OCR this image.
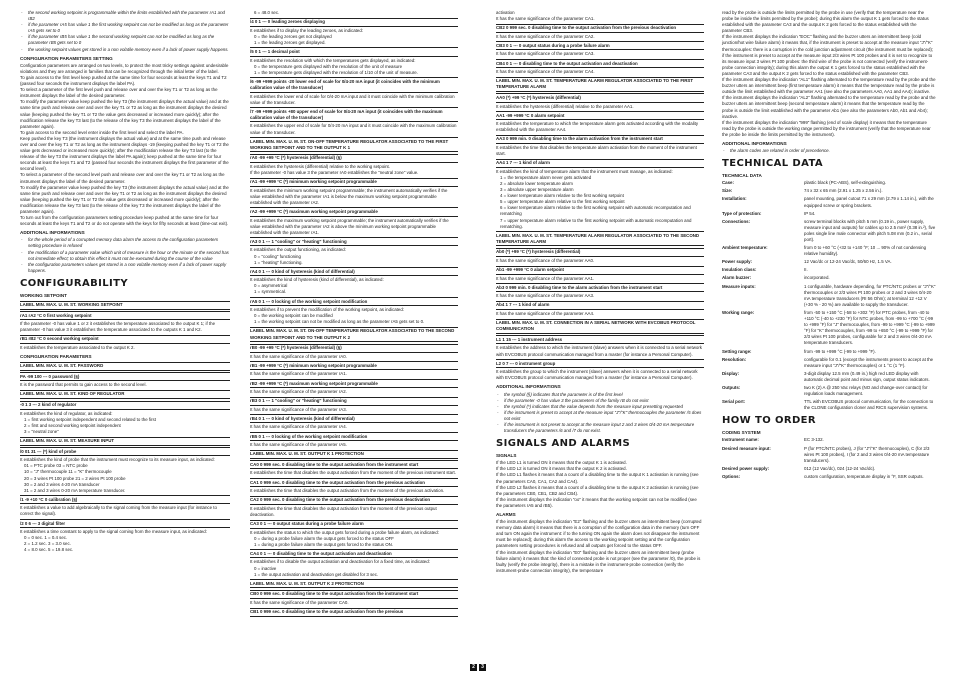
- the second working setpoint is programmable within the limits established with the parameter rA1 and rB2
- if the parameter rA5 has value 1 the first working setpoint can not be modified as long as the parameter rA5 gets set to 0
- if the parameter rB5 has value 1 the second working setpoint can not be modified as long as the parameter rB5 gets set to 0
- the working setpoint values get stored in a non volatile memory even if a lack of power supply happens.
CONFIGURATION PARAMETERS SETTING
Configuration parameters are arranged on two levels, to protect the most tricky settings against undesirable violations and they are arranged in families that can be recognized through the initial letter of the label.
To gain access to the first level keep pushed at the same time for four seconds at least the keys T1 and T2 (passed four seconds the instrument displays the label PA).
To select a parameter of the first level push and release over and over the key T1 or T2 as long as the instrument displays the label of the desired parameter.
To modify the parameter value keep pushed the key T3 (the instrument displays the actual value) and at the same time push and release over and over the key T1 or T2 as long as the instrument displays the desired value (keeping pushed the key T1 or T2 the value gets decreased or increased more quickly); after the modification release the key T3 last (to the release of the key T3 the instrument displays the label of the parameter again).
To gain access to the second level enter inside the first level and select the label PA.
Keep pushed the key T3 (the instrument displays the actual value) and at the same time push and release over and over the key T1 or T2 as long as the instrument displays -19 (keeping pushed the key T1 or T2 the value gets decreased or increased more quickly); after the modification release the key T3 last (to the release of the key T3 the instrument displays the label PA again); keep pushed at the same time for four seconds at least the keys T1 and T2 (passed four seconds the instrument displays the first parameter of the second level).
To select a parameter of the second level push and release over and over the key T1 or T2 as long as the instrument displays the label of the desired parameter.
To modify the parameter value keep pushed the key T3 (the instrument displays the actual value) and at the same time push and release over and over the key T1 or T2 as long as the instrument displays the desired value (keeping pushed the key T1 or T2 the value gets decreased or increased more quickly); after the modification release the key T3 last (to the release of the key T3 the instrument displays the label of the parameter again).
To turn out from the configuration parameters setting procedure keep pushed at the same time for four seconds at least the keys T1 and T2 or do not operate with the keys for fifty seconds at least (time-out exit).
ADDITIONAL INFORMATIONS
- for the whole period of a corrupted memory data alarm the access to the configuration parameters setting procedure is refused
- the modification of a parameter value which unit of measure is the hour or the minute or the second has not immediate effect; to obtain this effect it must not be executed during the course of the value
- the configuration parameters values get stored in a non volatile memory even if a lack of power supply happens.
CONFIGURABILITY
WORKING SETPOINT
LABEL MIN. MAX. U. M. ST. WORKING SETPOINT
rA1 rA2 °C 0 first working setpoint
If the parameter -0 has value 1 or 2 it establishes the temperature associated to the output K 1; if the parameter -0 has value 3 it establishes the temperature associated to the outputs K 1 and K2.
rB1 rB2 °C 0 second working setpoint
It establishes the temperature associated to the output K 2.
CONFIGURATION PARAMETERS
LABEL MIN. MAX. U. M. ST. PASSWORD
PA -99 100 --- 0 password (§)
It is the password that permits to gain access to the second level.
LABEL MIN. MAX. U. M. ST. KIND OF REGULATOR
-0 1 3 --- 2 kind of regulator
It establishes the kind of regulator, as indicated:
1 = first working setpoint independent and second related to the first
2 = first and second working setpoint independent
3 = "neutral zone"
LABEL MIN. MAX. U. M. ST. MEASURE INPUT
/0 01 31 --- (*) kind of probe
It establishes the kind of probe that the instrument must recognize to its measure input, as indicated:
01 = PTC probe 03 = NTC probe
10 = "J" thermocouple 11 = "K" thermocouple
20 = 3 wires Pt 100 probe 21 = 2 wires Pt 100 probe
30 = 2 and 3 wires 4-20 mA transducer
31 = 2 and 3 wires 0-20 mA temperature transducer.
/1 -9 +10 °C 0 calibration (§)
It establishes a value to add algebraically to the signal coming from the measure input (for instance to correct the signal).
/2 0 6 --- 3 digital filter
It establishes a time constant to apply to the signal coming from the measure input, as indicated:
0 = 0 sec. 1 = 0.4 sec.
2 = 1.2 sec. 3 = 3.0 sec.
4 = 8.0 sec. 5 = 19.8 sec.
6 = 48.0 sec.
/4 0 1 --- 0 leading zeroes displaying
It establishes if to display the leading zeroes, as indicated:
0 = the leading zeroes get not displayed
1 = the leading zeroes get displayed.
/5 0 1 --- 1 decimal point
It establishes the resolution with which the temperatures gets displayed, as indicated:
0 = the temperature gets displayed with the resolution of the unit of measure
1 = the temperature gets displayed with the resolution of 1/10 of the unit of measure.
/6 -99 +999 points -20 lower end of scale for 0/4-20 mA input (it coincides with the minimum calibration value of the transducer)
It establishes the lower end of scale for 0/4-20 mA input and it must coincide with the minimum calibration value of the transducer.
/7 -99 +999 points +80 upper end of scale for 0/4-20 mA input (it coincides with the maximum calibration value of the transducer)
It establishes the upper end of scale for 0/4-20 mA input and it must coincide with the maximum calibration value of the transducer.
LABEL MIN. MAX. U. M. ST. ON-OFF TEMPERATURE REGULATOR ASSOCIATED TO THE FIRST WORKING SETPOINT AND TO THE OUTPUT K 1
rA0 -99 +99 °C (*) hysteresis (differential) (§)
It establishes the hysteresis (differential) relative to the working setpoint.
If the parameter -0 has value 3 the parameter rA0 establishes the "neutral zone" value.
rA1 -99 +999 °C (*) minimum working setpoint programmable
It establishes the minimum working setpoint programmable; the instrument automatically verifies if the value established with the parameter rA1 is below the maximum working setpoint programmable established with the parameter rA2.
rA2 -99 +999 °C (*) maximum working setpoint programmable
It establishes the maximum working setpoint programmable; the instrument automatically verifies if the value established with the parameter rA2 is above the minimum working setpoint programmable established with the parameter rA1.
rA3 0 1 --- 1 "cooling" or "heating" functioning
It establishes the output functioning, as indicated:
0 = "cooling" functioning
1 = "heating" functioning.
rA4 0 1 --- 0 kind of hysteresis (kind of differential)
It establishes the kind of hysteresis (kind of differential), as indicated:
0 = asymmetrical
1 = symmetrical.
rA5 0 1 --- 0 locking of the working setpoint modification
It establishes if to prevent the modification of the working setpoint, as indicated:
0 = the working setpoint can be modified
1 = the working setpoint can not be modified as long as the parameter rA5 gets set to 0.
LABEL MIN. MAX. U. M. ST. ON-OFF TEMPERATURE REGULATOR ASSOCIATED TO THE SECOND WORKING SETPOINT AND TO THE OUTPUT K 2
rB0 -99 +99 °C (*) hysteresis (differential) (§)
It has the same significance of the parameter rA0.
rB1 -99 +999 °C (*) minimum working setpoint programmable
It has the same significance of the parameter rA1.
rB2 -99 +999 °C (*) maximum working setpoint programmable
It has the same significance of the parameter rA2.
rB3 0 1 --- 1 "cooling" or "heating" functioning
It has the same significance of the parameter rA3.
rB4 0 1 --- 0 kind of hysteresis (kind of differential)
It has the same significance of the parameter rA4.
rB5 0 1 --- 0 locking of the working setpoint modification
It has the same significance of the parameter rA5.
LABEL MIN. MAX. U. M. ST. OUTPUT K 1 PROTECTION
CA0 0 999 sec. 0 disabling time to the output activation from the instrument start
It establishes the time that disables the output activation from the moment of the previous instrument start.
CA1 0 999 sec. 0 disabling time to the output activation from the previous activation
It establishes the time that disables the output activation from the moment of the previous activation.
CA2 0 999 sec. 0 disabling time to the output activation from the previous deactivation
It establishes the time that disables the output activation from the moment of the previous output deactivation.
CA3 0 1 --- 0 output status during a probe failure alarm
It establishes the status to which the output gets forced during a probe failure alarm, as indicated:
0 = during a probe failure alarm the output gets forced to the status OFF
1 = during a probe failure alarm the output gets forced to the status ON.
CA4 0 1 --- 0 disabling time to the output activation and deactivation
It establishes if to disable the output activation and deactivation for a fixed time, as indicated:
0 = inactive
1 = the output activation and deactivation get disabled for 3 sec.
LABEL MIN. MAX. U. M. ST. OUTPUT K 2 PROTECTION
CB0 0 999 sec. 0 disabling time to the output activation from the instrument start
It has the same significance of the parameter CA0.
CB1 0 999 sec. 0 disabling time to the output activation from the previous
activation
It has the same significance of the parameter CA1.
CB2 0 999 sec. 0 disabling time to the output activation from the previous deactivation
It has the same significance of the parameter CA2.
CB3 0 1 --- 0 output status during a probe failure alarm
It has the same significance of the parameter CA3.
CB4 0 1 --- 0 disabling time to the output activation and deactivation
It has the same significance of the parameter CA4.
LABEL MIN. MAX. U. M. ST. TEMPERATURE ALARM REGULATOR ASSOCIATED TO THE FIRST TEMPERATURE ALARM
AA0 (*) +99 °C (*) hysteresis (differential)
It establishes the hysteresis (differential) relative to the parameter AA1.
AA1 -99 +999 °C 0 alarm setpoint
It establishes the temperature to which the temperature alarm gets activated according with the modality established with the parameter AA4.
AA3 0 999 min. 0 disabling time to the alarm activation from the instrument start
It establishes the time that disables the temperature alarm activation from the moment of the instrument start.
AA4 1 7 --- 1 kind of alarm
It establishes the kind of temperature alarm that the instrument must manage, as indicated:
1 = the temperature alarm never gets activated
2 = absolute lower temperature alarm
3 = absolute upper temperature alarm
4 = lower temperature alarm relative to the first working setpoint
5 = upper temperature alarm relative to the first working setpoint
6 = lower temperature alarm relative to the first working setpoint with automatic recomputation and rematching
7 = upper temperature alarm relative to the first working setpoint with automatic recomputation and rematching.
LABEL MIN. MAX. U. M. ST. TEMPERATURE ALARM REGULATOR ASSOCIATED TO THE SECOND TEMPERATURE ALARM
Ab0 (*) +99 °C (*) hysteresis (differential)
It has the same significance of the parameter AA0.
Ab1 -99 +999 °C 0 alarm setpoint
It has the same significance of the parameter AA1.
Ab3 0 999 min. 0 disabling time to the alarm activation from the instrument start
It has the same significance of the parameter AA3.
Ab4 1 7 --- 1 kind of alarm
It has the same significance of the parameter AA4.
LABEL MIN. MAX. U. M. ST. CONNECTION IN A SERIAL NETWORK WITH EVCOBUS PROTOCOL COMMUNICATION
L1 1 15 --- 1 instrument address
It establishes the address to which the instrument (slave) answers when it is connected to a serial network with EVCOBUS protocol communication managed from a master (for instance a Personal Computer).
L2 0 7 --- 0 instrument group
It establishes the group to which the instrument (slave) answers when it is connected to a serial network with EVCOBUS protocol communication managed from a master (for instance a Personal Computer).
ADDITIONAL INFORMATIONS
- the symbol (§) indicates that the parameter is of the first level
- if the parameter -0 has value 3 the parameters of the family rB do not exist
- the symbol (*) indicates that the value depends from the measure input presetting requested
- if the instrument is preset to accept at the measure input "J"/"K" thermocouples the parameter /5 does not exist
- if the instrument is not preset to accept at the measure input 2 and 3 wires 0/4-20 mA temperature transducers the parameters /6 and /7 do not exist.
SIGNALS AND ALARMS
SIGNALS
If the LED L1 is turned ON it means that the output K 1 is activated.
If the LED L2 is turned ON it means that the output K 2 is activated.
If the LED L1 flashes it means that a count of a disabling time to the output K 1 activation is running (see the parameters CA0, CA1, CA2 and CA4).
If the LED L2 flashes it means that a count of a disabling time to the output K 2 activation is running (see the parameters CB0, CB1, CB2 and CB4).
If the instrument displays the indication "oo" it means that the working setpoint can not be modified (see the parameters rA5 and rB5).
ALARMS
If the instrument displays the indication "E2" flashing and the buzzer utters an intermittent beep (corrupted memory data alarm) it means that there is a corruption of the configuration data in the memory (turn OFF and turn ON again the instrument: if to the turning ON again the alarm does not disappear the instrument must be replaced); during this alarm the access to the working setpoint setting and the configuration parameters setting procedures is refused and all outputs get forced to the status OFF.
If the instrument displays the indication "E0" flashing and the buzzer utters an intermittent beep (probe failure alarm) it means that: the kind of connected probe is not proper (see the parameter /0), the probe is faulty (verify the probe integrity), there is a mistake in the instrument-probe connection (verify the instrument-probe connection integrity), the temperature
read by the probe is outside the limits permitted by the probe in use (verify that the temperature near the probe be inside the limits permitted by the probe); during this alarm the output K 1 gets forced to the status established with the parameter CA3 and the output K 2 gets forced to the status established with the parameter CB3.
If the instrument displays the indication "EOC" flashing and the buzzer utters an intermittent beep (cold junction/hot wire failure alarm) it means that, if the instrument is preset to accept at the measure input "J"/"K" thermocouples: there is a corruption in the cold junction adjustment circuit (the instrument must be replaced); if the instrument is preset to accept at the measure input 2/3 wires Pt 100 probes and it is set to recognize to its measure input 3 wires Pt 100 probes: the third wire of the probe is not connected (verify the instrument-probe connection integrity); during this alarm the output K 1 gets forced to the status established with the parameter CA3 and the output K 2 gets forced to the status established with the parameter CB3.
If the instrument displays the indication "AL1" flashing alternated to the temperature read by the probe and the buzzer utters an intermittent beep (first temperature alarm) it means that the temperature read by the probe is outside the limit established with the parameter AA1 (see also the parameters AA0, AA1 and AA4); inactive.
If the instrument displays the indication "AL2" flashing alternated to the temperature read by the probe and the buzzer utters an intermittent beep (second temperature alarm) it means that the temperature read by the probe is outside the limit established with the parameter Ab1 (see also the parameters Ab0, Ab1 and Ab4); inactive.
If the instrument displays the indication "999" flashing (end of scale display) it means that the temperature read by the probe is outside the working range permitted by the instrument (verify that the temperature near the probe be inside the limits permitted by the instrument).
ADDITIONAL INFORMATIONS
- the alarm codes are related in order of precedence.
TECHNICAL DATA
TECHNICAL DATA
Case:	plastic black (PC-ABS), self-extinguishing.
Size:	74 x 32 x 65 mm (2.91 x 1.25 x 2.56 in.).
Installation:	panel mounting, panel cutout 71 x 29 mm (2.79 x 1.14 in.), with the equipped screw or spring brackets.
Type of protection:	IP 54.
Connections:	screw terminal blocks with pitch 5 mm (0.19 in., power supply, measure input and outputs) for cables up to 2.5 mm² (0.38 in.²), five poles single line male connector with pitch 5.08 mm (0.2 in., serial port).
Ambient temperature:	from 0 to +60 °C (+32 to +140 °F; 10 ... 90% of not condensing relative humidity).
Power supply:	12 Vac/dc or 12-24 Vac/dc, 50/60 Hz, 1.5 VA.
Insulation class:	II.
Alarm buzzer:	incorporated.
Measure inputs:	1 configurable, hardware depending, for PTC/NTC probes or "J"/"K" thermocouples or 2/3 wires Pt 100 probes or 2 and 3 wires 0/4-20 mA temperature transducers (RI 56 Ohm); at terminal 12 +12 V (+30 % - 20 %) are available to supply the transducer.
Working range:	from -50 to +150 °C (-58 to +302 °F) for PTC probes, from -40 to +110 °C (-40 to +230 °F) for NTC probes, from -99 to +700 °C (-99 to +999 °F) for "J" thermocouples, from -99 to +999 °C (-99 to +999 °F) for "K" thermocouples, from -99 to +650 °C (-99 to +999 °F) for 2/3 wires Pt 100 probes, configurable for 2 and 3 wires 0/4-20 mA temperature transducers.
Setting range:	from -99 to +999 °C (-99 to +999 °F).
Resolution:	configurable for 0.1 (except the instruments preset to accept at the measure input "J"/"K" thermocouples) or 1 °C (1 °F).
Display:	3-digit display 12.5 mm (0.49 in.) high red LED display with automatic decimal point and minus sign, output status indicators.
Outputs:	two K (2) A @ 250 Vac relays (NO and change-over contact) for regulation loads management.
Serial port:	TTL with EVCOBUS protocol communication, for the connection to the CLONE configuration cloner and RICS supervision systems.
HOW TO ORDER
CODING SYSTEM
Instrument name:	EC 3-132.
Desired measure input:	P (for PTC/NTC probes), J (for "J"/"K" thermocouples), C (for 2/3 wires Pt 100 probes), I (for 2 and 3 wires 0/4-20 mA temperature transducers).
Desired power supply:	012 (12 Vac/dc), 024 (12-24 Vac/dc).
Options:	custom configuration, temperature display in °F, SSR outputs.
2	3
